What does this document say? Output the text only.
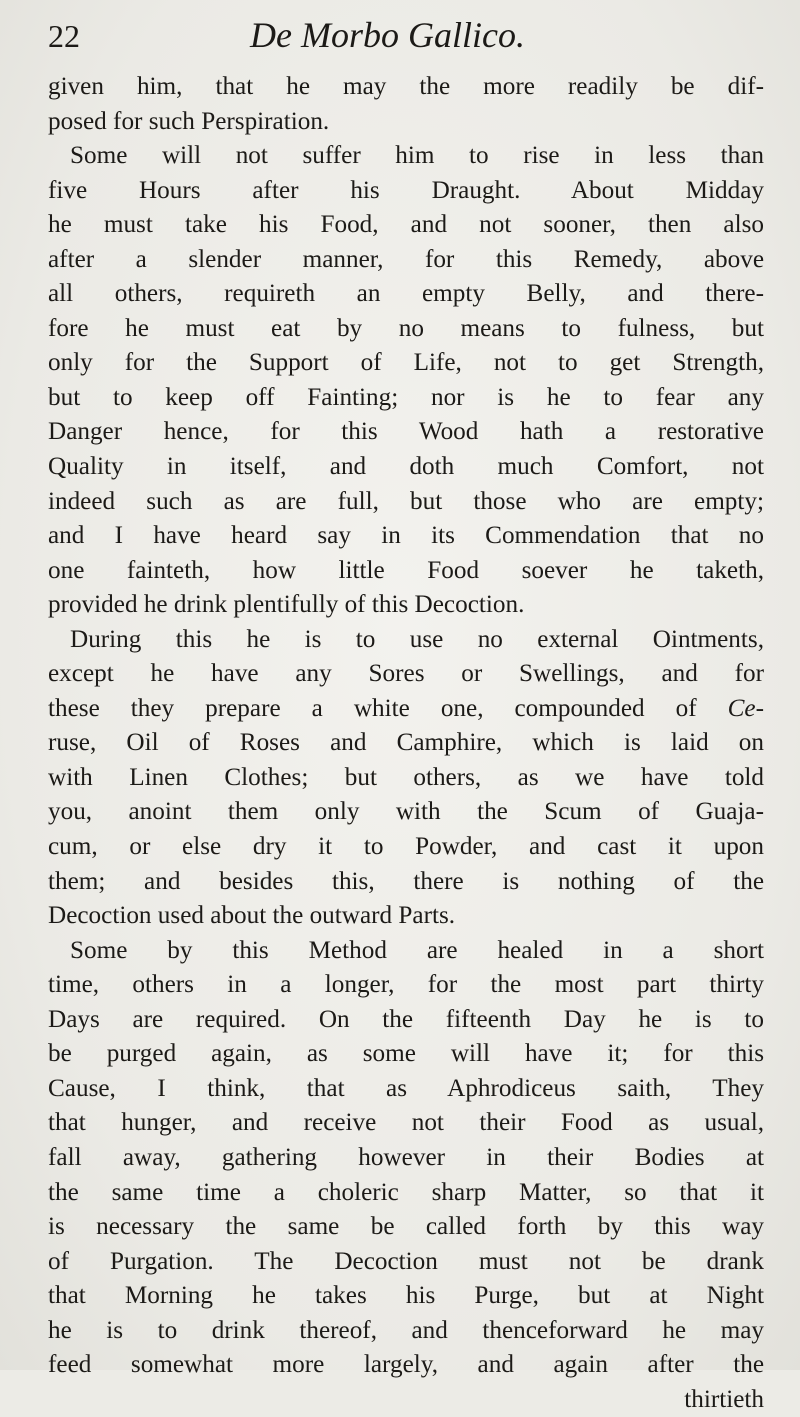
22	De Morbo Gallico.
given him, that he may the more readily be dif-
posed for such Perspiration.
Some will not suffer him to rise in less than
five Hours after his Draught. About Midday
he must take his Food, and not sooner, then also
after a slender manner, for this Remedy, above
all others, requireth an empty Belly, and there-
fore he must eat by no means to fulness, but
only for the Support of Life, not to get Strength,
but to keep off Fainting; nor is he to fear any
Danger hence, for this Wood hath a restorative
Quality in itself, and doth much Comfort, not
indeed such as are full, but those who are empty;
and I have heard say in its Commendation that no
one fainteth, how little Food soever he taketh,
provided he drink plentifully of this Decoction.
During this he is to use no external Ointments,
except he have any Sores or Swellings, and for
these they prepare a white one, compounded of Ce-
ruse, Oil of Roses and Camphire, which is laid on
with Linen Clothes; but others, as we have told
you, anoint them only with the Scum of Guaja-
cum, or else dry it to Powder, and cast it upon
them; and besides this, there is nothing of the
Decoction used about the outward Parts.
Some by this Method are healed in a short
time, others in a longer, for the most part thirty
Days are required. On the fifteenth Day he is to
be purged again, as some will have it; for this
Cause, I think, that as Aphrodiceus saith, They
that hunger, and receive not their Food as usual,
fall away, gathering however in their Bodies at
the same time a choleric sharp Matter, so that it
is necessary the same be called forth by this way
of Purgation. The Decoction must not be drank
that Morning he takes his Purge, but at Night
he is to drink thereof, and thenceforward he may
feed somewhat more largely, and again after the
thirtieth
